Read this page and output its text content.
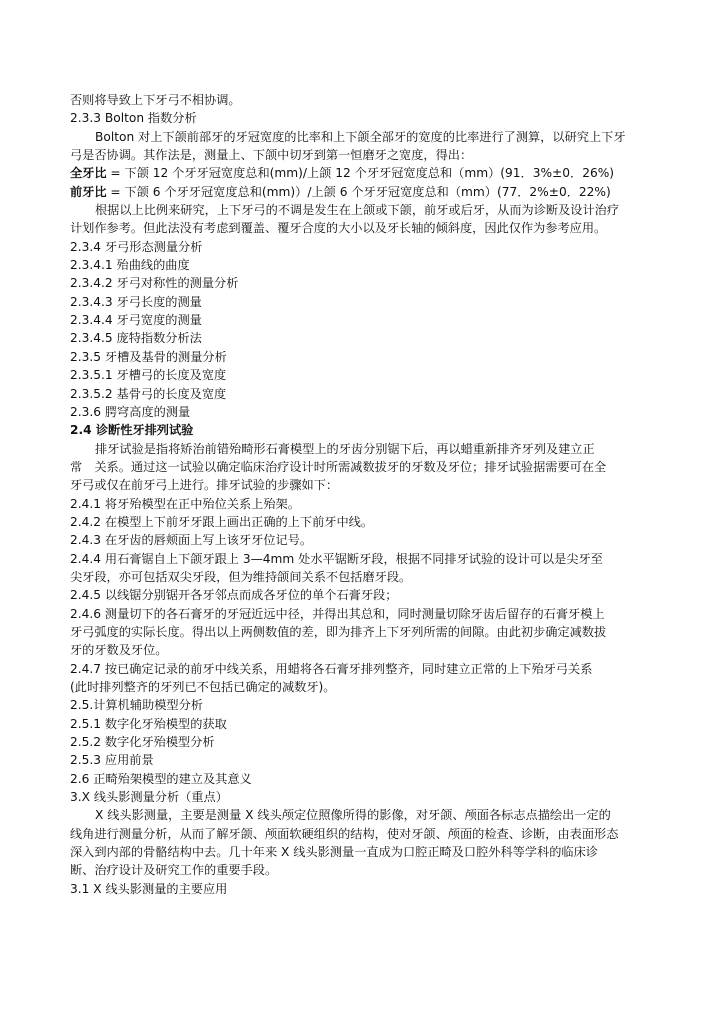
否则将导致上下牙弓不相协调。
2.3.3 Bolton 指数分析
Bolton 对上下颌前部牙的牙冠宽度的比率和上下颌全部牙的宽度的比率进行了测算，以研究上下牙
弓是否协调。其作法是，测量上、下颌中切牙到第一恒磨牙之宽度，得出：
全牙比 = 下颌 12 个牙牙冠宽度总和(mm)/上颌 12 个牙牙冠宽度总和（mm）(91．3%±0．26%)
前牙比 = 下颌 6 个牙牙冠宽度总和(mm)）/上颌 6 个牙牙冠宽度总和（mm）(77．2%±0．22%)
根据以上比例来研究，上下牙弓的不调是发生在上颌或下颌，前牙或后牙，从而为诊断及设计治疗
计划作参考。但此法没有考虑到覆盖、覆牙合度的大小以及牙长轴的倾斜度，因此仅作为参考应用。
2.3.4 牙弓形态测量分析
2.3.4.1 殆曲线的曲度
2.3.4.2 牙弓对称性的测量分析
2.3.4.3 牙弓长度的测量
2.3.4.4 牙弓宽度的测量
2.3.4.5 庞特指数分析法
2.3.5 牙槽及基骨的测量分析
2.3.5.1 牙槽弓的长度及宽度
2.3.5.2 基骨弓的长度及宽度
2.3.6 腭穹高度的测量
2.4 诊断性牙排列试验
排牙试验是指将矫治前错殆畸形石膏模型上的牙齿分别锯下后，再以蜡重新排齐牙列及建立正
常　关系。通过这一试验以确定临床治疗设计时所需减数拔牙的牙数及牙位；排牙试验据需要可在全
牙弓或仅在前牙弓上进行。排牙试验的步骤如下：
2.4.1 将牙殆模型在正中殆位关系上殆架。
2.4.2 在模型上下前牙牙跟上画出正确的上下前牙中线。
2.4.3 在牙齿的唇颊面上写上该牙牙位记号。
2.4.4 用石膏锯自上下颌牙跟上 3—4mm 处水平锯断牙段，根据不同排牙试验的设计可以是尖牙至
尖牙段，亦可包括双尖牙段，但为维持颌间关系不包括磨牙段。
2.4.5 以线锯分别锯开各牙邻点而成各牙位的单个石膏牙段；
2.4.6 测量切下的各石膏牙的牙冠近远中径，并得出其总和，同时测量切除牙齿后留存的石膏牙模上
牙弓弧度的实际长度。得出以上两侧数值的差，即为排齐上下牙列所需的间隙。由此初步确定减数拔
牙的牙数及牙位。
2.4.7 按已确定记录的前牙中线关系，用蜡将各石膏牙排列整齐，同时建立正常的上下殆牙弓关系
(此时排列整齐的牙列已不包括已确定的减数牙)。
2.5.计算机辅助模型分析
2.5.1 数字化牙殆模型的获取
2.5.2 数字化牙殆模型分析
2.5.3 应用前景
2.6 正畸殆架模型的建立及其意义
3.X 线头影测量分析（重点）
X 线头影测量，主要是测量 X 线头颅定位照像所得的影像，对牙颌、颅面各标志点描绘出一定的
线角进行测量分析，从而了解牙颌、颅面软硬组织的结构，使对牙颌、颅面的检查、诊断，由表面形态
深入到内部的骨骼结构中去。几十年来 X 线头影测量一直成为口腔正畸及口腔外科等学科的临床诊
断、治疗设计及研究工作的重要手段。
3.1 X 线头影测量的主要应用
